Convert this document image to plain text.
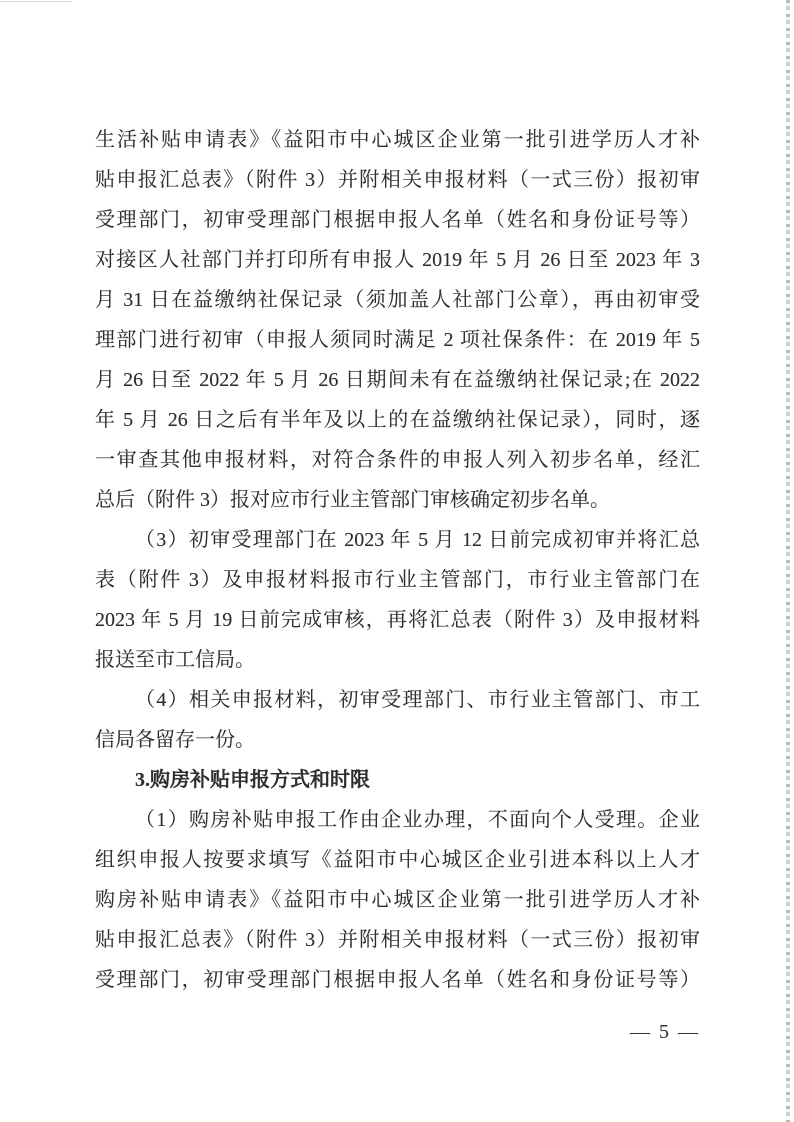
生活补贴申请表》《益阳市中心城区企业第一批引进学历人才补
贴申报汇总表》（附件 3）并附相关申报材料（一式三份）报初审
受理部门，初审受理部门根据申报人名单（姓名和身份证号等）
对接区人社部门并打印所有申报人 2019 年 5 月 26 日至 2023 年 3
月 31 日在益缴纳社保记录（须加盖人社部门公章），再由初审受
理部门进行初审（申报人须同时满足 2 项社保条件：在 2019 年 5
月 26 日至 2022 年 5 月 26 日期间未有在益缴纳社保记录;在 2022
年 5 月 26 日之后有半年及以上的在益缴纳社保记录），同时，逐
一审查其他申报材料，对符合条件的申报人列入初步名单，经汇
总后（附件 3）报对应市行业主管部门审核确定初步名单。
（3）初审受理部门在 2023 年 5 月 12 日前完成初审并将汇总
表（附件 3）及申报材料报市行业主管部门，市行业主管部门在
2023 年 5 月 19 日前完成审核，再将汇总表（附件 3）及申报材料
报送至市工信局。
（4）相关申报材料，初审受理部门、市行业主管部门、市工
信局各留存一份。
3.购房补贴申报方式和时限
（1）购房补贴申报工作由企业办理，不面向个人受理。企业
组织申报人按要求填写《益阳市中心城区企业引进本科以上人才
购房补贴申请表》《益阳市中心城区企业第一批引进学历人才补
贴申报汇总表》（附件 3）并附相关申报材料（一式三份）报初审
受理部门，初审受理部门根据申报人名单（姓名和身份证号等）
— 5 —
